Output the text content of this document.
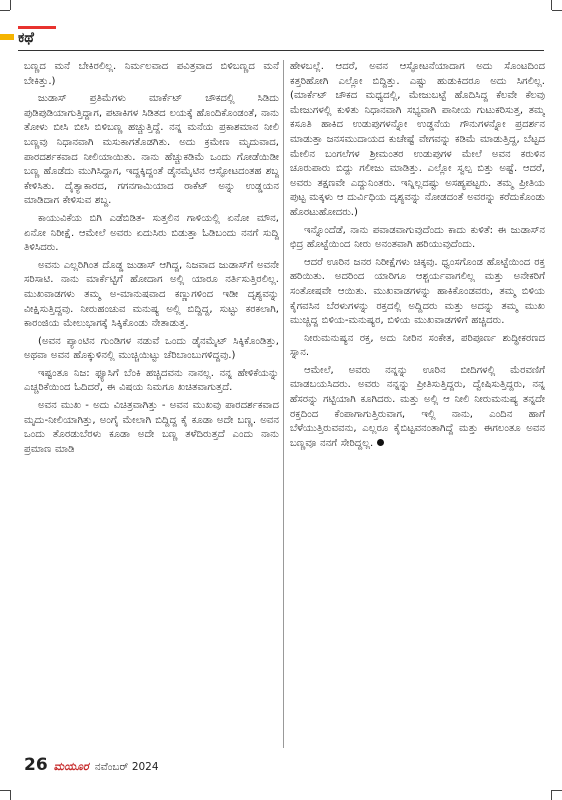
ಕಥೆ

ಬಣ್ಣದ ಮನೆ ಬೇಕಿರಲಿಲ್ಲ. ನಿರ್ಮಲವಾದ ಪವಿತ್ರವಾದ ಬಿಳಿಬಣ್ಣದ ಮನೆ ಬೇಕಿತ್ತು.)

ಜುಡಾಸ್ ಪ್ರತಿಮೆಗಳು ಮಾರ್ಕೆಟ್ ಚೌಕದಲ್ಲಿ ಸಿಡಿದು ಪುಡಿಪುಡಿಯಾಗುತ್ತಿದ್ದಾಗ, ಪಟಾಕಿಗಳ ಸಿಡಿತದ ಲಯಕ್ಕೆ ಹೊಂದಿಕೊಂಡಂತೆ, ನಾನು ತೋಳು ಬೀಸಿ ಬೀಸಿ ಬಿಳಿಬಣ್ಣ ಹಚ್ಚುತ್ತಿದ್ದೆ. ನನ್ನ ಮನೆಯ ಪ್ರಕಾಶಮಾನ ನೀಲಿ ಬಣ್ಣವು ನಿಧಾನವಾಗಿ ಮಸುಕಾಗತೊಡಗಿತು. ಅದು ಕ್ರಮೇಣ ಮೃದುವಾದ, ಪಾರದರ್ಶಕವಾದ ನೀಲಿಯಾಯಿತು. ನಾನು ಹೆಚ್ಚುಕಡಿಮೆ ಒಂದು ಗೋಡೆಯಿಡೀ ಬಣ್ಣ ಹೊಡೆದು ಮುಗಿಸಿದ್ದಾಗ, ಇದ್ದಕ್ಕಿದ್ದಂತೆ ಡೈನಮೈಟಿನ ಆಸ್ಫೋಟದಂತಹ ಶಬ್ದ ಕೇಳಿಸಿತು. ದೈತ್ಯಾಕಾರದ, ಗಗನಗಾಮಿಯಾದ ರಾಕೆಟ್ ಅನ್ನು ಉಡ್ಡಯನ ಮಾಡಿದಾಗ ಕೇಳಿಸುವ ಶಬ್ದ.

ಕಾಯುವಿಕೆಯ ಬಿಗಿ ಎಡೆಬಿಡಿತ- ಸುತ್ತಲಿನ ಗಾಳಿಯಲ್ಲಿ ಏನೋ ಮೌನ, ಏನೋ ನಿರೀಕ್ಷೆ. ಆಮೇಲೆ ಅವರು ಏದುಸಿರು ಬಿಡುತ್ತಾ ಓಡಿಬಂದು ನನಗೆ ಸುದ್ದಿ ತಿಳಿಸಿದರು.

ಅವನು ಎಲ್ಲರಿಗಿಂತ ದೊಡ್ಡ ಜುಡಾಸ್ ಆಗಿದ್ದ, ನಿಜವಾದ ಜುಡಾಸ್‌ಗೆ ಅವನೇ ಸರಿಸಾಟಿ. ನಾನು ಮಾರ್ಕೆಟ್ಟಿಗೆ ಹೋದಾಗ ಅಲ್ಲಿ ಯಾರೂ ನರ್ತಿಸುತ್ತಿರಲಿಲ್ಲ. ಮುಖವಾಡಗಳು ತಮ್ಮ ಅ-ಮಾನುಷವಾದ ಕಣ್ಣುಗಳಿಂದ ಇಡೀ ದೃಶ್ಯವನ್ನು ವೀಕ್ಷಿಸುತ್ತಿದ್ದವು. ನೀರುಹಂಚುವ ಮನುಷ್ಯ ಅಲ್ಲಿ ಬಿದ್ದಿದ್ದ, ಸುಟ್ಟು ಕರಕಲಾಗಿ, ಕಾರಂಜಿಯ ಮೇಲುಭಾಗಕ್ಕೆ ಸಿಕ್ಕಿಕೊಂಡು ನೇತಾಡುತ್ತ.

(ಅವನ ಪ್ಯಾಂಟಿನ ಗುಂಡಿಗಳ ನಡುವೆ ಒಂದು ಡೈನಮೈಟ್ ಸಿಕ್ಕಿಕೊಂಡಿತ್ತು, ಅಥವಾ ಅವನ ಹೊಕ್ಕುಳಿನಲ್ಲಿ ಮುಚ್ಚಿಯಿಟ್ಟು ಚೆರಿಬಾಂಬುಗಳಿದ್ದವು.)

ಇಷ್ಟಂತೂ ನಿಜ: ಫ್ಯೂಸಿಗೆ ಬೆಂಕಿ ಹಚ್ಚಿದವನು ನಾನಲ್ಲ. ನನ್ನ ಹೇಳಿಕೆಯನ್ನು ಎಚ್ಚರಿಕೆಯಿಂದ ಓದಿದರೆ, ಈ ವಿಷಯ ನಿಮಗೂ ಖಚಿತವಾಗುತ್ತದೆ.

ಅವನ ಮುಖ - ಅದು ವಿಚಿತ್ರವಾಗಿತ್ತು - ಅವನ ಮುಖವು ಪಾರದರ್ಶಕವಾದ ಮೃದು-ನೀಲಿಯಾಗಿತ್ತು, ಅಂಗೈ ಮೇಲಾಗಿ ಬಿದ್ದಿದ್ದ ಕೈ ಕೂಡಾ ಅದೇ ಬಣ್ಣ. ಅವನ ಒಂದು ತೊರಡುಬೆರಳು ಕೂಡಾ ಅದೇ ಬಣ್ಣ ತಳೆದಿರುತ್ತದೆ ಎಂದು ನಾನು ಪ್ರಮಾಣ ಮಾಡಿ

ಹೇಳಬಲ್ಲೆ. ಆದರೆ, ಅವನ ಆಸ್ಫೋಟನೆಯಾದಾಗ ಅದು ಸೊಂಟದಿಂದ ಕತ್ತರಿಹೋಗಿ ಎಲ್ಲೋ ಬಿದ್ದಿತ್ತು. ಎಷ್ಟು ಹುಡುಕಿದರೂ ಅದು ಸಿಗಲಿಲ್ಲ. (ಮಾರ್ಕೆಟ್ ಚೌಕದ ಮಧ್ಯದಲ್ಲಿ, ಮೇಜುಬಟ್ಟೆ ಹೊದಿಸಿದ್ದ ಕೆಲವೇ ಕೆಲವು ಮೇಜುಗಳಲ್ಲಿ ಕುಳಿತು ನಿಧಾನವಾಗಿ ಸಭ್ಯವಾಗಿ ಪಾನೀಯ ಗುಟುಕರಿಸುತ್ತ, ತಮ್ಮ ಕಸೂತಿ ಹಾಕಿದ ಉಡುಪುಗಳನ್ನೋ ಉಡ್ಡನೆಯ ಗೌನುಗಳನ್ನೋ ಪ್ರದರ್ಶನ ಮಾಡುತ್ತಾ ಜನಸಮುದಾಯದ ಕುಚೇಷ್ಟೆ ವೇಗವನ್ನು ಕಡಿಮೆ ಮಾಡುತ್ತಿದ್ದ, ಬೆಟ್ಟದ ಮೇಲಿನ ಬಂಗಲೆಗಳ ಶ್ರೀಮಂತರ ಉಡುಪುಗಳ ಮೇಲೆ ಅವನ ಕರುಳಿನ ಚೂರುಪಾರು ಬಿದ್ದು ಗಲೀಜು ಮಾಡಿತ್ತು. ಎಲ್ಲೋ ಸ್ವಲ್ಪ ಬಿತ್ತು ಅಷ್ಟೆ. ಆದರೆ, ಅವರು ತಕ್ಷಣವೇ ಎದ್ದುನಿಂತರು. ಇನ್ನಿಲ್ಲದಷ್ಟು ಅಸಹ್ಯಪಟ್ಟರು. ತಮ್ಮ ಪ್ರೀತಿಯ ಪುಟ್ಟ ಮಕ್ಕಳು ಆ ದುರ್ವಿಧಿಯ ದೃಶ್ಯವನ್ನು ನೋಡದಂತೆ ಅವರನ್ನು ಕರೆದುಕೊಂಡು ಹೊರಟುಹೋದರು.)

ಇನ್ನೊಂದೆಡೆ, ನಾನು ಪವಾಡವಾಗುವುದೆಂದು ಕಾದು ಕುಳಿತೆ: ಈ ಜುಡಾಸ್‌ನ ಛಿದ್ರ ಹೊಟ್ಟೆಯಿಂದ ನೀರು ಅನಂತವಾಗಿ ಹರಿಯುವುದೆಂದು.

ಆದರೆ ಊರಿನ ಜನರ ನಿರೀಕ್ಷೆಗಳು ಚಿಕ್ಕವು. ಧ್ವಂಸಗೊಂಡ ಹೊಟ್ಟೆಯಿಂದ ರಕ್ತ ಹರಿಯಿತು. ಅದರಿಂದ ಯಾರಿಗೂ ಆಶ್ಚರ್ಯವಾಗಲಿಲ್ಲ ಮತ್ತು ಅನೇಕರಿಗೆ ಸಂತೋಷವೇ ಆಯಿತು. ಮುಖವಾಡಗಳನ್ನು ಹಾಕಿಕೊಂಡವರು, ತಮ್ಮ ಬಿಳಿಯ ಕೈಗವಸಿನ ಬೆರಳುಗಳನ್ನು ರಕ್ತದಲ್ಲಿ ಅದ್ದಿದರು ಮತ್ತು ಅದನ್ನು ತಮ್ಮ ಮುಖ ಮುಚ್ಚಿದ್ದ ಬಿಳಿಯ-ಮನುಷ್ಯರ, ಬಿಳಿಯ ಮುಖವಾಡಗಳಿಗೆ ಹಚ್ಚಿದರು.

ನೀರುಮನುಷ್ಯನ ರಕ್ತ, ಅದು ನೀರಿನ ಸಂಕೇತ, ಪರಿಪೂರ್ಣ ಶುದ್ಧೀಕರಣದ ಸ್ನಾನ.

ಆಮೇಲೆ, ಅವರು ನನ್ನನ್ನು ಊರಿನ ಬೀದಿಗಳಲ್ಲಿ ಮೆರವಣಿಗೆ ಮಾಡಬಯಸಿದರು. ಅವರು ನನ್ನನ್ನು ಪ್ರೀತಿಸುತ್ತಿದ್ದರು, ದ್ವೇಷಿಸುತ್ತಿದ್ದರು, ನನ್ನ ಹೆಸರನ್ನು ಗಟ್ಟಿಯಾಗಿ ಕೂಗಿದರು. ಮತ್ತು ಅಲ್ಲಿ ಆ ನೀಲಿ ನೀರುಮನುಷ್ಯ ತನ್ನದೇ ರಕ್ತದಿಂದ ಕೆಂಪಾಗಾಗುತ್ತಿರುವಾಗ, ಇಲ್ಲಿ ನಾನು, ಎಂದಿನ ಹಾಗೆ ಬೆಳೆಯುತ್ತಿರುವವನು, ಎಲ್ಲರೂ ಕೈಬಿಟ್ಟವನಂತಾಗಿದ್ದೆ ಮತ್ತು ಈಗಲಂತೂ ಅವನ ಬಣ್ಣವೂ ನನಗೆ ಸೇರಿದ್ದಲ್ಲ.

26 ಮಯೂರ ನವೆಂಬರ್ 2024
